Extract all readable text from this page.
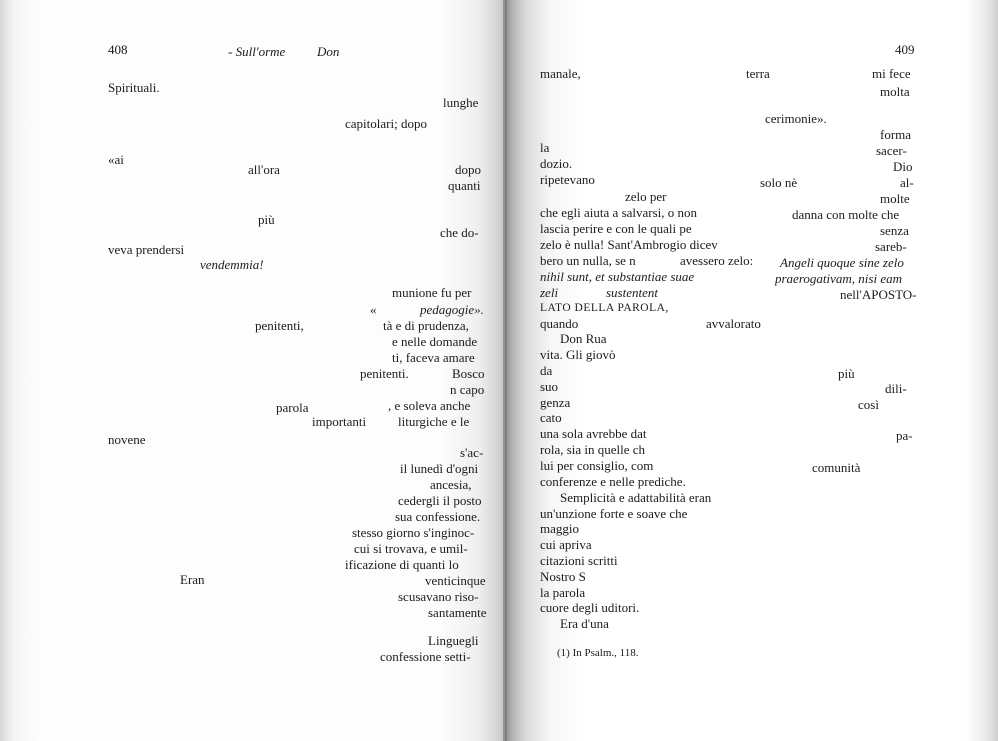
408	- Sull'orme Don
Spirituali.
lunghe
capitolari; dopo
«ai
all'ora	dopo
quanti
più
che do-
veva prendersi
vendemmia!
munione fu per
«	pedagogie».
penitenti,	tà e di prudenza,
e nelle domande
ti, faceva amare
penitenti.	Bosco
n capo
parola	, e soleva anche
importanti liturgiche e le
novene
s'ac-
il lunedì d'ogni
ancesia,
cedergli il posto
sua confessione.
stesso giorno s'inginoc-
cui si trovava, e umil-
ificazione di quanti lo
venticinque
Eran
scusavano riso-
santamente
Linguegli
confessione setti-
409
manale,	terra	mi fece
molta
cerimonie».
forma
la	sacer-
dozio.	Dio
ripetevano	solo nè	al-
zelo per	molte
che egli aiuta a salvarsi, o non	danna con molte che
lascia perire e con le quali pe	senza
zelo è nulla! Sant'Ambrogio dicev	sareb-
bero un nulla, se n	avessero zelo: Angeli quoque sine zelo
nihil sunt, et substantiae suae	praerogativam, nisi eam
zeli	sustentent	nell'APOSTO-
LATO DELLA PAROLA,
quando	avvalorato
Don Rua
vita. Gli giovò
da	più
suo	dili-
genza	così
cato
una sola avrebbe dat
rola, sia in quelle ch
pa-
lui per consiglio, com	comunità
conferenze e nelle prediche.
Semplicità e adattabilità eran
un'unzione forte e soave che
maggio
cui apriva
citazioni scritti
Nostro S
la parola
cuore degli uditori.
Era d'una
(1) In Psalm., 118.
